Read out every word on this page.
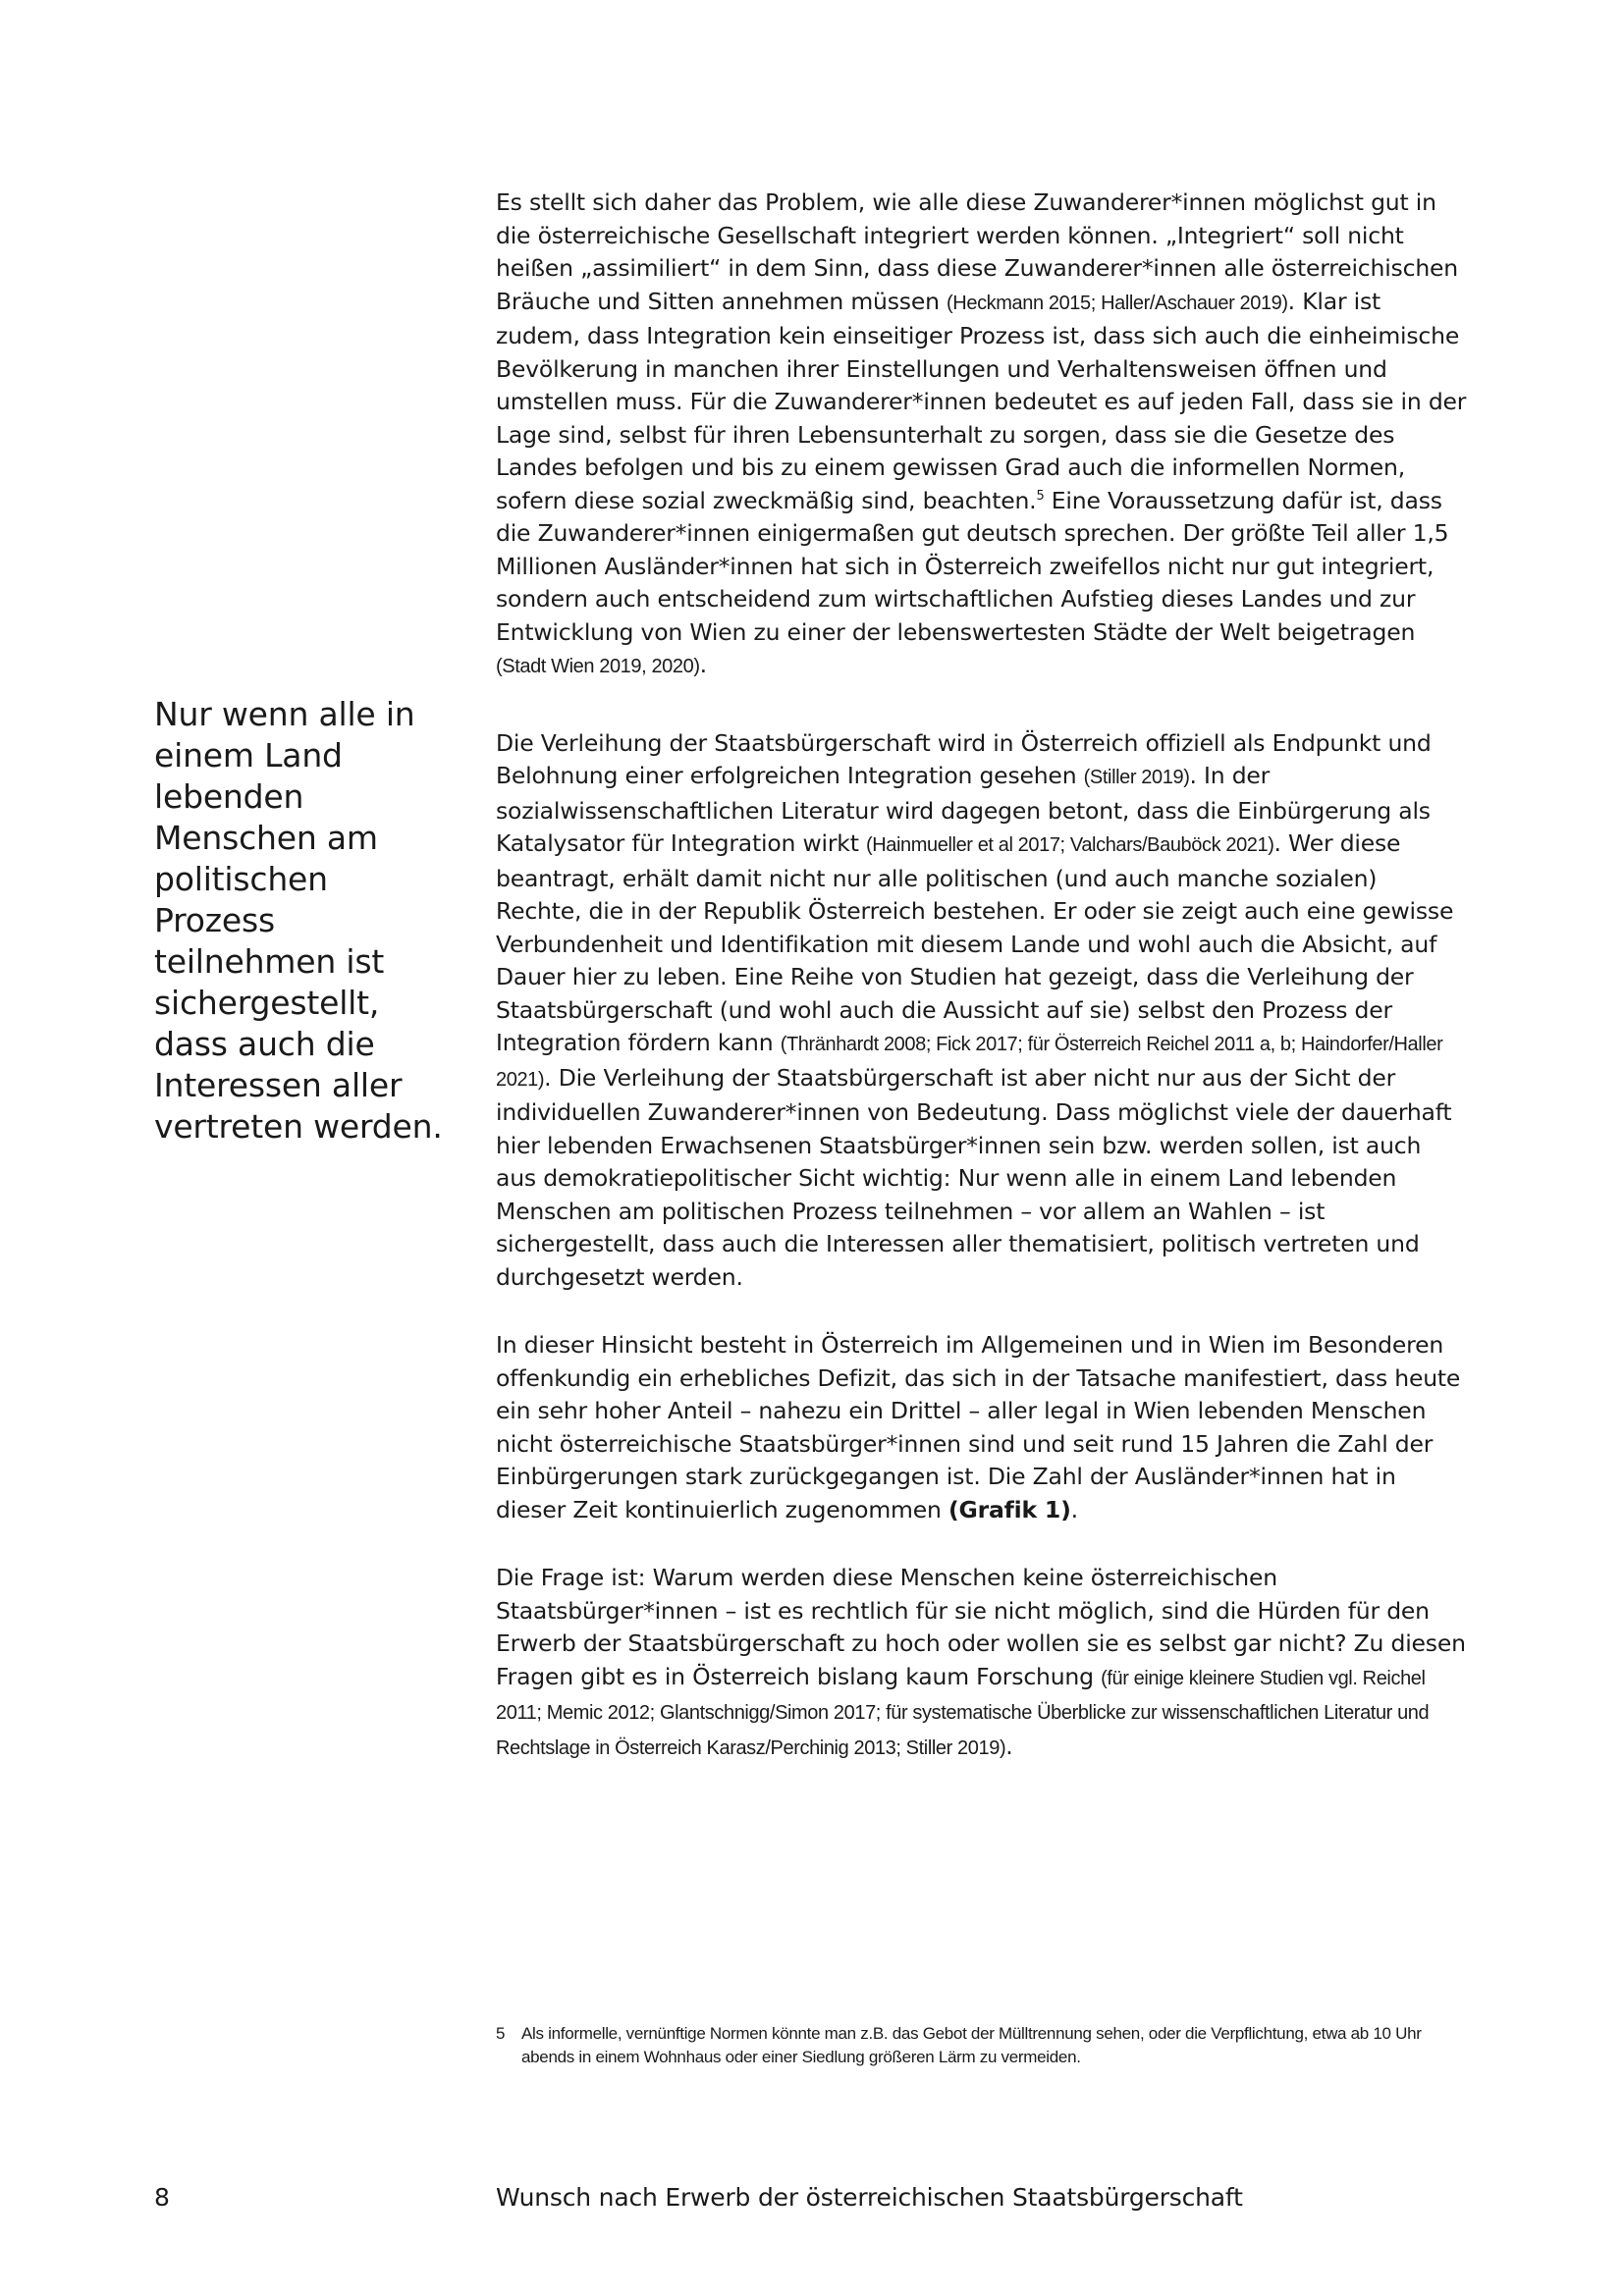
Nur wenn alle in einem Land lebenden Menschen am politischen Prozess teilnehmen ist sichergestellt, dass auch die Interessen aller vertreten werden.

Es stellt sich daher das Problem, wie alle diese Zuwanderer*innen möglichst gut in die österreichische Gesellschaft integriert werden können. „Integriert“ soll nicht heißen „assimiliert“ in dem Sinn, dass diese Zuwanderer*innen alle österreichischen Bräuche und Sitten annehmen müssen (Heckmann 2015; Haller/Aschauer 2019). Klar ist zudem, dass Integration kein einseitiger Prozess ist, dass sich auch die einheimische Bevölkerung in manchen ihrer Einstellungen und Verhaltensweisen öffnen und umstellen muss. Für die Zuwanderer*innen bedeutet es auf jeden Fall, dass sie in der Lage sind, selbst für ihren Lebensunterhalt zu sorgen, dass sie die Gesetze des Landes befolgen und bis zu einem gewissen Grad auch die informellen Normen, sofern diese sozial zweckmäßig sind, beachten.$^5$ Eine Voraussetzung dafür ist, dass die Zuwanderer*innen einigermaßen gut deutsch sprechen. Der größte Teil aller 1,5 Millionen Ausländer*innen hat sich in Österreich zweifellos nicht nur gut integriert, sondern auch entscheidend zum wirtschaftlichen Aufstieg dieses Landes und zur Entwicklung von Wien zu einer der lebenswertesten Städte der Welt beigetragen (Stadt Wien 2019, 2020).

Die Verleihung der Staatsbürgerschaft wird in Österreich offiziell als Endpunkt und Belohnung einer erfolgreichen Integration gesehen (Stiller 2019). In der sozialwissenschaftlichen Literatur wird dagegen betont, dass die Einbürgerung als Katalysator für Integration wirkt (Hainmueller et al 2017; Valchars/Bauböck 2021). Wer diese beantragt, erhält damit nicht nur alle politischen (und auch manche sozialen) Rechte, die in der Republik Österreich bestehen. Er oder sie zeigt auch eine gewisse Verbundenheit und Identifikation mit diesem Lande und wohl auch die Absicht, auf Dauer hier zu leben. Eine Reihe von Studien hat gezeigt, dass die Verleihung der Staatsbürgerschaft (und wohl auch die Aussicht auf sie) selbst den Prozess der Integration fördern kann (Thränhardt 2008; Fick 2017; für Österreich Reichel 2011 a, b; Haindorfer/Haller 2021). Die Verleihung der Staatsbürgerschaft ist aber nicht nur aus der Sicht der individuellen Zuwanderer*innen von Bedeutung. Dass möglichst viele der dauerhaft hier lebenden Erwachsenen Staatsbürger*innen sein bzw. werden sollen, ist auch aus demokratiepolitischer Sicht wichtig: Nur wenn alle in einem Land lebenden Menschen am politischen Prozess teilnehmen – vor allem an Wahlen – ist sichergestellt, dass auch die Interessen aller thematisiert, politisch vertreten und durchgesetzt werden.

In dieser Hinsicht besteht in Österreich im Allgemeinen und in Wien im Besonderen offenkundig ein erhebliches Defizit, das sich in der Tatsache manifestiert, dass heute ein sehr hoher Anteil – nahezu ein Drittel – aller legal in Wien lebenden Menschen nicht österreichische Staatsbürger*innen sind und seit rund 15 Jahren die Zahl der Einbürgerungen stark zurückgegangen ist. Die Zahl der Ausländer*innen hat in dieser Zeit kontinuierlich zugenommen (Grafik 1).

Die Frage ist: Warum werden diese Menschen keine österreichischen Staatsbürger*innen – ist es rechtlich für sie nicht möglich, sind die Hürden für den Erwerb der Staatsbürgerschaft zu hoch oder wollen sie es selbst gar nicht? Zu diesen Fragen gibt es in Österreich bislang kaum Forschung (für einige kleinere Studien vgl. Reichel 2011; Memic 2012; Glantschnigg/Simon 2017; für systematische Überblicke zur wissenschaftlichen Literatur und Rechtslage in Österreich Karasz/Perchinig 2013; Stiller 2019).

5 Als informelle, vernünftige Normen könnte man z.B. das Gebot der Mülltrennung sehen, oder die Verpflichtung, etwa ab 10 Uhr abends in einem Wohnhaus oder einer Siedlung größeren Lärm zu vermeiden.
8	Wunsch nach Erwerb der österreichischen Staatsbürgerschaft
